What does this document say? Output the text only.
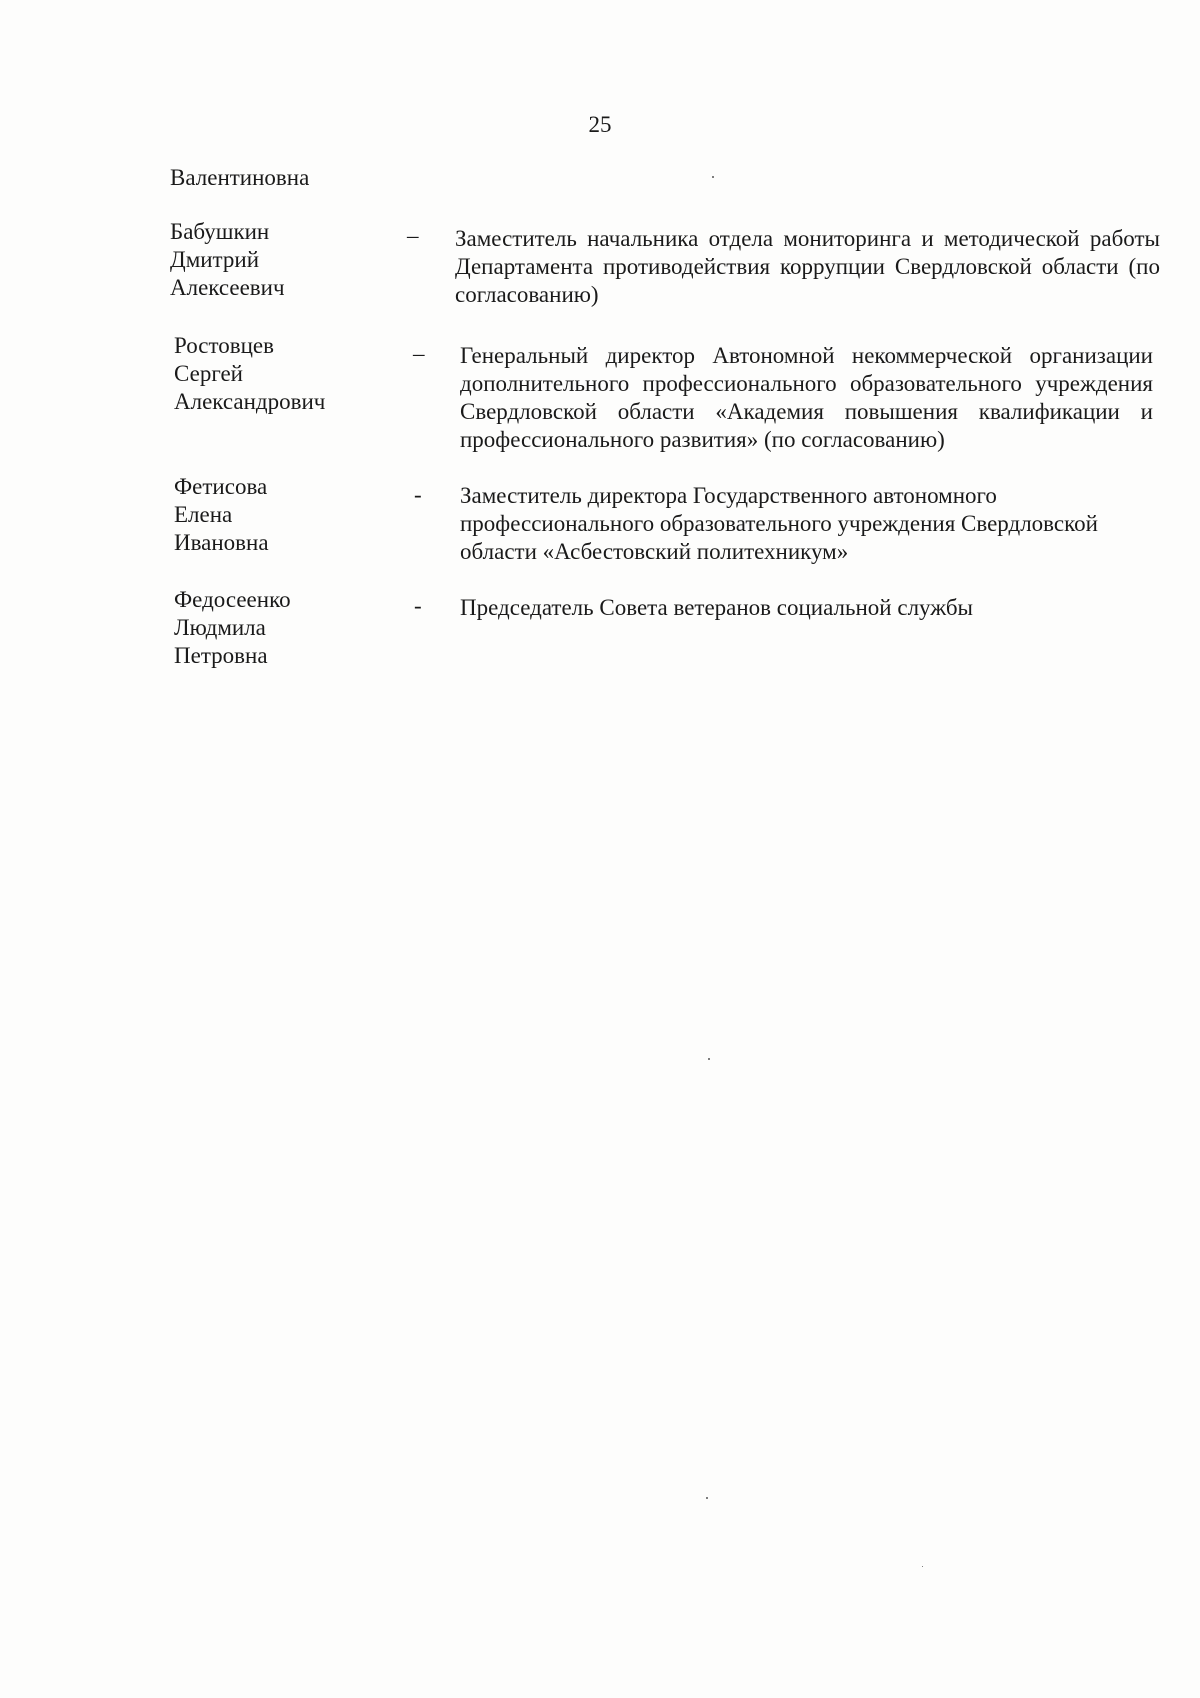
25
Валентиновна
Бабушкин
Дмитрий
Алексеевич
– Заместитель начальника отдела мониторинга и методической работы Департамента противодействия коррупции Свердловской области (по согласованию)
Ростовцев
Сергей
Александрович
– Генеральный директор Автономной некоммерческой организации дополнительного профессионального образовательного учреждения Свердловской области «Академия повышения квалификации и профессионального развития» (по согласованию)
Фетисова
Елена
Ивановна
- Заместитель директора Государственного автономного профессионального образовательного учреждения Свердловской области «Асбестовский политехникум»
Федосеенко
Людмила
Петровна
- Председатель Совета ветеранов социальной службы
